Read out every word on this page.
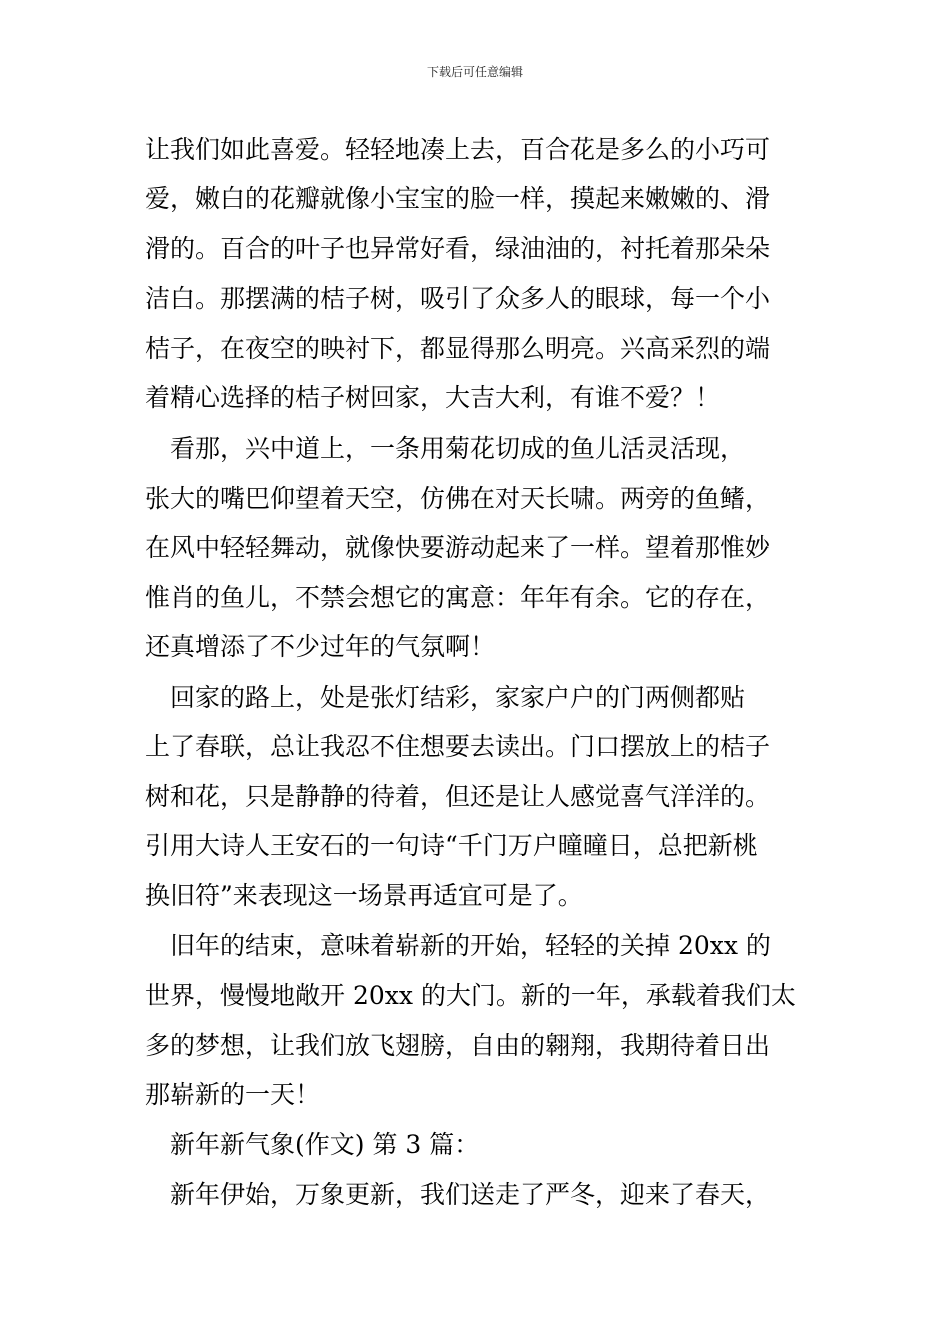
下载后可任意编辑
让我们如此喜爱。轻轻地凑上去，百合花是多么的小巧可
爱，嫩白的花瓣就像小宝宝的脸一样，摸起来嫩嫩的、滑
滑的。百合的叶子也异常好看，绿油油的，衬托着那朵朵
洁白。那摆满的桔子树，吸引了众多人的眼球，每一个小
桔子，在夜空的映衬下，都显得那么明亮。兴高采烈的端
着精心选择的桔子树回家，大吉大利，有谁不爱？！
　看那，兴中道上，一条用菊花切成的鱼儿活灵活现，
张大的嘴巴仰望着天空，仿佛在对天长啸。两旁的鱼鳍，
在风中轻轻舞动，就像快要游动起来了一样。望着那惟妙
惟肖的鱼儿，不禁会想它的寓意：年年有余。它的存在，
还真增添了不少过年的气氛啊！
　回家的路上，处是张灯结彩，家家户户的门两侧都贴
上了春联，总让我忍不住想要去读出。门口摆放上的桔子
树和花，只是静静的待着，但还是让人感觉喜气洋洋的。
引用大诗人王安石的一句诗“千门万户曈曈日，总把新桃
换旧符”来表现这一场景再适宜可是了。
　旧年的结束，意味着崭新的开始，轻轻的关掉 20xx 的
世界，慢慢地敞开 20xx 的大门。新的一年，承载着我们太
多的梦想，让我们放飞翅膀，自由的翱翔，我期待着日出
那崭新的一天！
　新年新气象(作文) 第 3 篇：
　新年伊始，万象更新，我们送走了严冬，迎来了春天，
